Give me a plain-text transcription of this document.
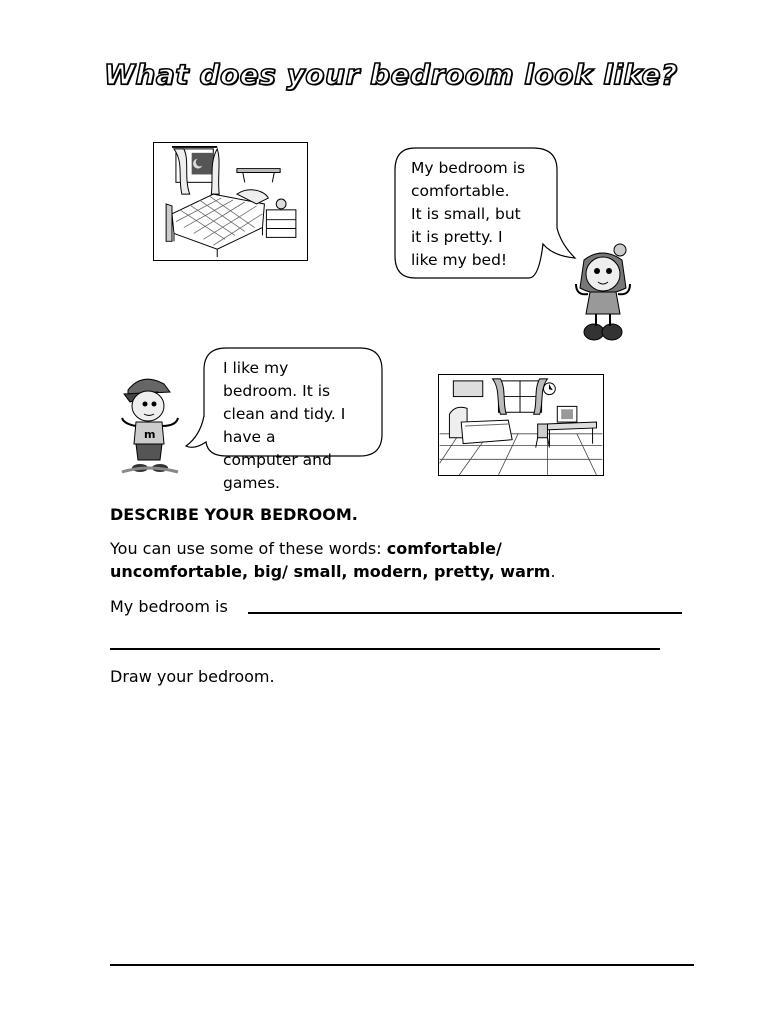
What does your bedroom look like?
My bedroom is
comfortable.
It is small, but
it is pretty. I
like my bed!
m
I like my
bedroom. It is
clean and tidy. I
have a
computer and
games.
DESCRIBE YOUR BEDROOM.
You can use some of these words: comfortable/
uncomfortable, big/ small, modern, pretty, warm.
My bedroom is
Draw your bedroom.
